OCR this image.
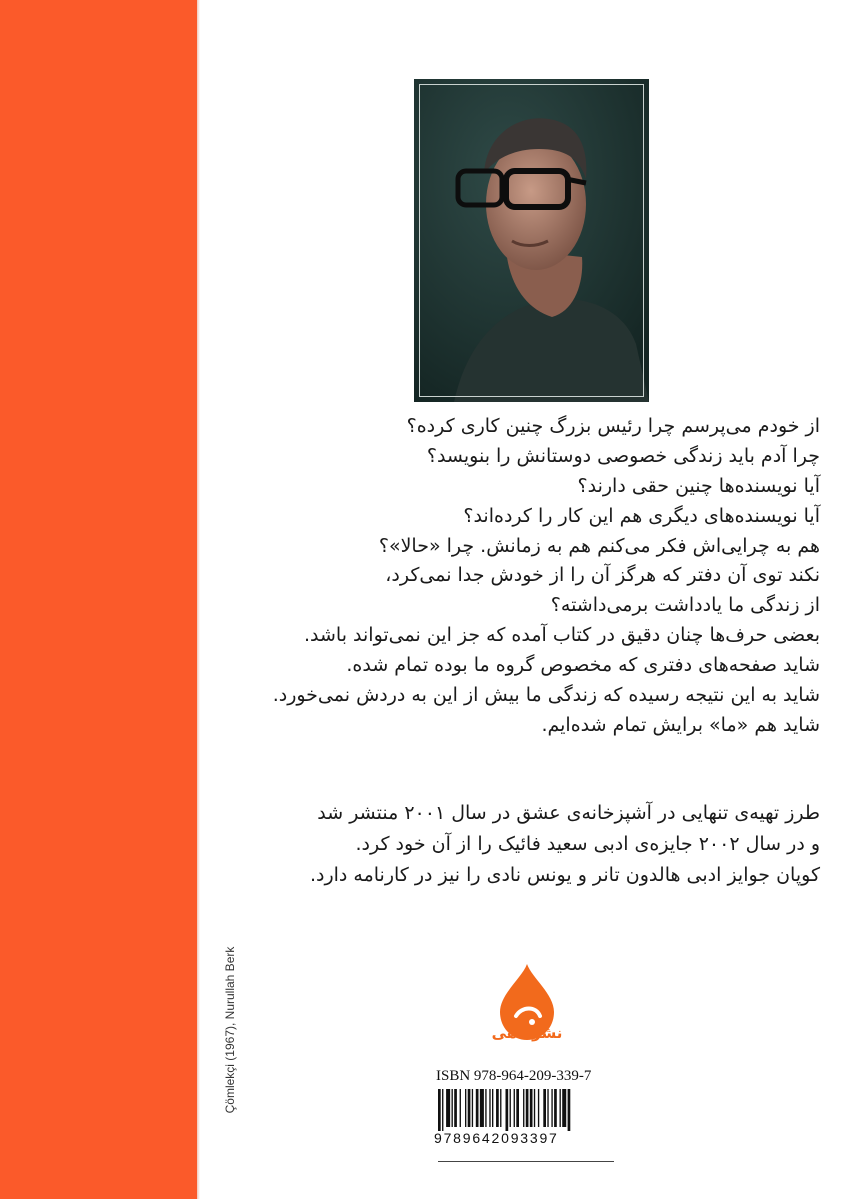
Çömlekçi (1967), Nurullah Berk
از خودم می‌پرسم چرا رئیس بزرگ چنین کاری کرده؟
چرا آدم باید زندگی خصوصی دوستانش را بنویسد؟
آیا نویسنده‌ها چنین حقی دارند؟
آیا نویسنده‌های دیگری هم این کار را کرده‌اند؟
هم به چرایی‌اش فکر می‌کنم هم به زمانش. چرا «حالا»؟
نکند توی آن دفتر که هرگز آن را از خودش جدا نمی‌کرد،
از زندگی ما یادداشت برمی‌داشته؟
بعضی حرف‌ها چنان دقیق در کتاب آمده که جز این نمی‌تواند باشد.
شاید صفحه‌های دفتری که مخصوص گروه ما بوده تمام شده.
شاید به این نتیجه رسیده که زندگی ما بیش از این به دردش نمی‌خورد.
شاید هم «ما» برایش تمام شده‌ایم.
طرز تهیه‌ی تنهایی در آشپزخانه‌ی عشق در سال ۲۰۰۱ منتشر شد
و در سال ۲۰۰۲ جایزه‌ی ادبی سعید فائیک را از آن خود کرد.
کوپان جوایز ادبی هالدون تانر و یونس نادی را نیز در کارنامه دارد.
نشرماهی
ISBN 978-964-209-339-7
9789642093397
